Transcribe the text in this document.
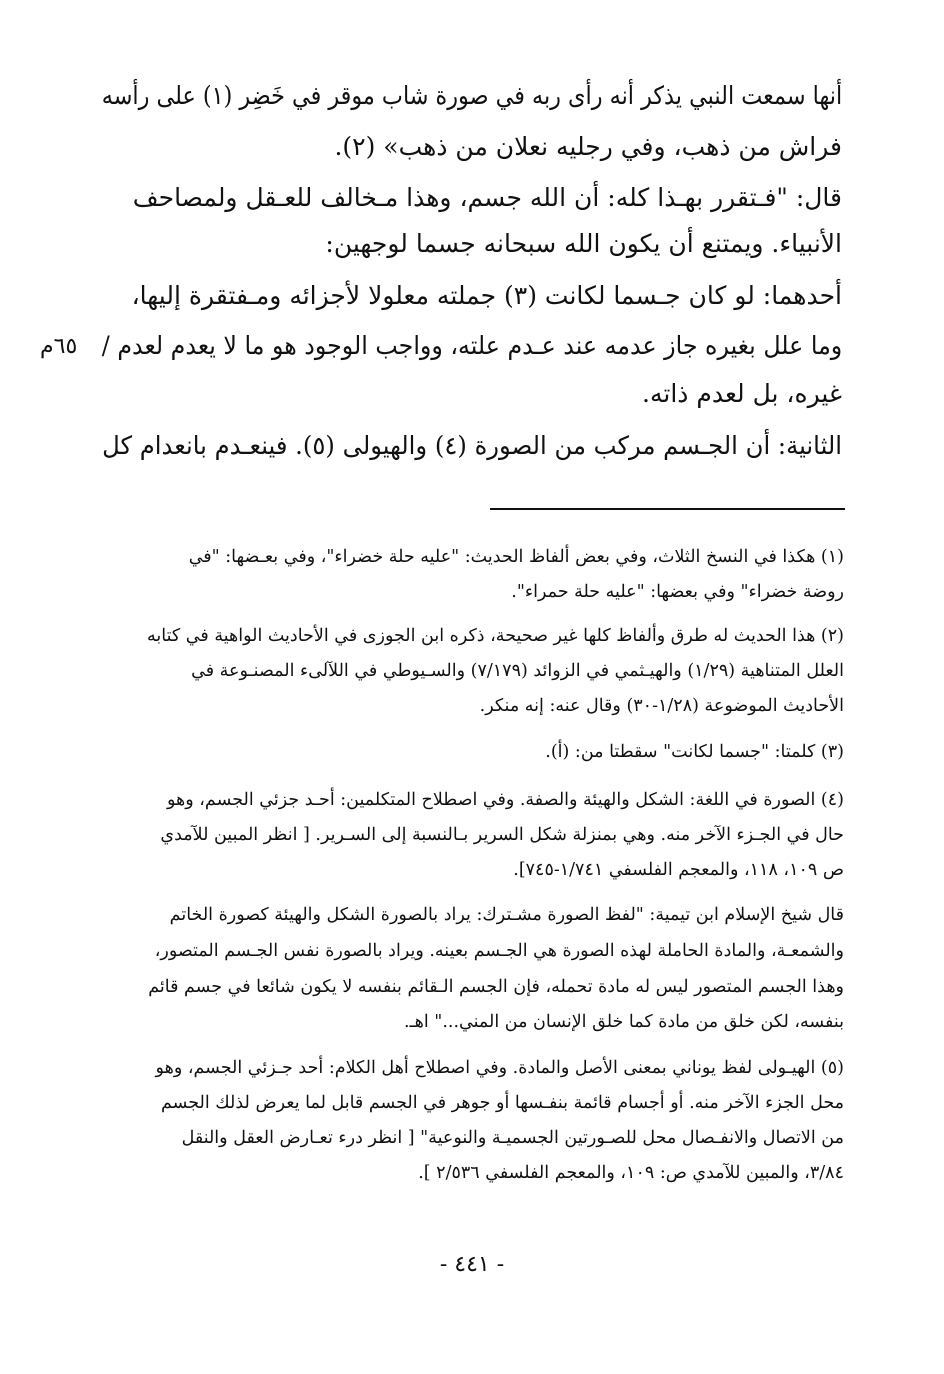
٦٥م
أنها سمعت النبي يذكر أنه رأى ربه في صورة شاب موقر في خَضِر (١) على رأسه
فراش من ذهب، وفي رجليه نعلان من ذهب» (٢).
قال: "فـتقرر بهـذا كله: أن الله جسم، وهذا مـخالف للعـقل ولمصاحف
الأنبياء. ويمتنع أن يكون الله سبحانه جسما لوجهين:
أحدهما: لو كان جـسما لكانت (٣) جملته معلولا لأجزائه ومـفتقرة إليها،
وما علل بغيره جاز عدمه عند عـدم علته، وواجب الوجود هو ما لا يعدم لعدم /
غيره، بل لعدم ذاته.
الثانية: أن الجـسم مركب من الصورة (٤) والهيولى (٥). فينعـدم بانعدام كل
(١) هكذا في النسخ الثلاث، وفي بعض ألفاظ الحديث: "عليه حلة خضراء"، وفي بعـضها: "في
روضة خضراء" وفي بعضها: "عليه حلة حمراء".
(٢) هذا الحديث له طرق وألفاظ كلها غير صحيحة، ذكره ابن الجوزى في الأحاديث الواهية في كتابه
العلل المتناهية (١/٢٩) والهيـثمي في الزوائد (٧/١٧٩) والسـيوطي في اللآلىء المصنـوعة في
الأحاديث الموضوعة (١/٢٨-٣٠) وقال عنه: إنه منكر.
(٣) كلمتا: "جسما لكانت" سقطتا من: (أ).
(٤) الصورة في اللغة: الشكل والهيئة والصفة. وفي اصطلاح المتكلمين: أحـد جزئي الجسم، وهو
حال في الجـزء الآخر منه. وهي بمنزلة شكل السرير بـالنسبة إلى السـرير. [ انظر المبين للآمدي
ص ١٠٩، ١١٨، والمعجم الفلسفي ١/٧٤١-٧٤٥].
قال شيخ الإسلام ابن تيمية: "لفظ الصورة مشـترك: يراد بالصورة الشكل والهيئة كصورة الخاتم
والشمعـة، والمادة الحاملة لهذه الصورة هي الجـسم بعينه. ويراد بالصورة نفس الجـسم المتصور،
وهذا الجسم المتصور ليس له مادة تحمله، فإن الجسم الـقائم بنفسه لا يكون شائعا في جسم قائم
بنفسه، لكن خلق من مادة كما خلق الإنسان من المني..." اهـ.
(٥) الهيـولى لفظ يوناني بمعنى الأصل والمادة. وفي اصطلاح أهل الكلام: أحد جـزئي الجسم، وهو
محل الجزء الآخر منه. أو أجسام قائمة بنفـسها أو جوهر في الجسم قابل لما يعرض لذلك الجسم
من الاتصال والانفـصال محل للصـورتين الجسميـة والنوعية" [ انظر درء تعـارض العقل والنقل
٣/٨٤، والمبين للآمدي ص: ١٠٩، والمعجم الفلسفي ٢/٥٣٦ ].
- ٤٤١ -
